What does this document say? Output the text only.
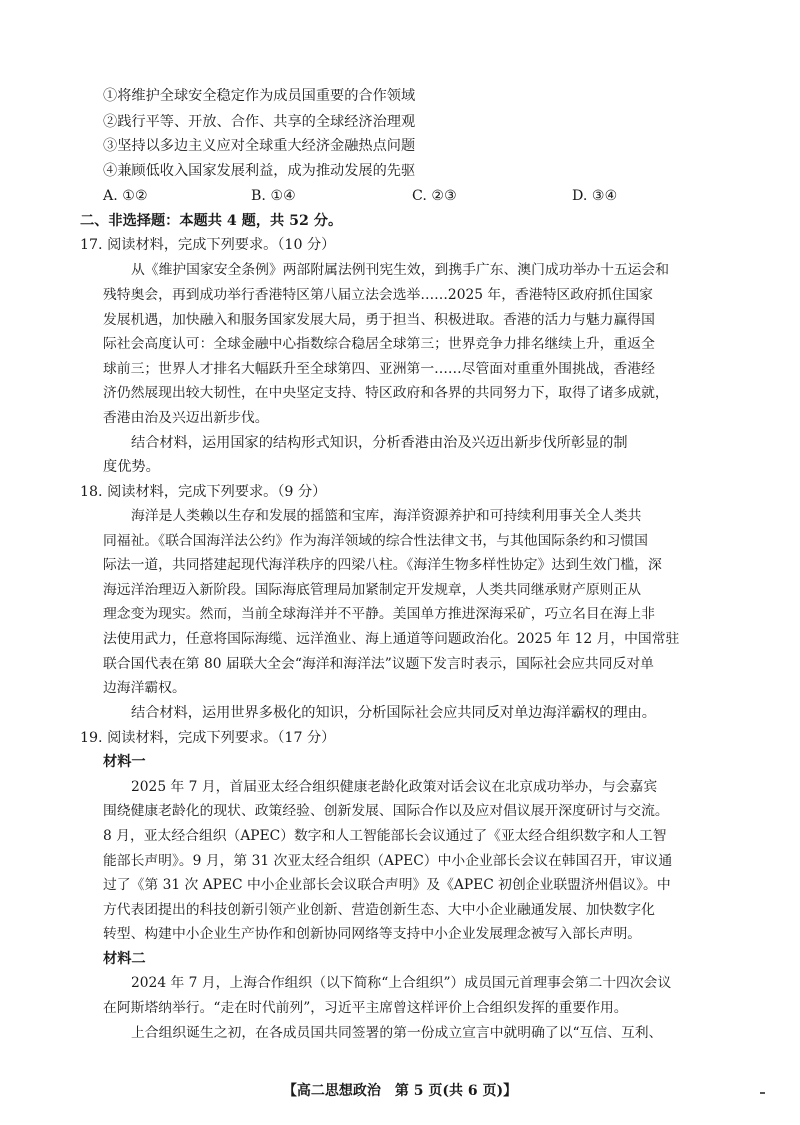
①将维护全球安全稳定作为成员国重要的合作领域
②践行平等、开放、合作、共享的全球经济治理观
③坚持以多边主义应对全球重大经济金融热点问题
④兼顾低收入国家发展利益，成为推动发展的先驱
A. ①②	B. ①④	C. ②③	D. ③④
二、非选择题：本题共 4 题，共 52 分。
17. 阅读材料，完成下列要求。（10 分）
从《维护国家安全条例》两部附属法例刊宪生效，到携手广东、澳门成功举办十五运会和
残特奥会，再到成功举行香港特区第八届立法会选举……2025 年，香港特区政府抓住国家
发展机遇，加快融入和服务国家发展大局，勇于担当、积极进取。香港的活力与魅力赢得国
际社会高度认可：全球金融中心指数综合稳居全球第三；世界竞争力排名继续上升，重返全
球前三；世界人才排名大幅跃升至全球第四、亚洲第一……尽管面对重重外围挑战，香港经
济仍然展现出较大韧性，在中央坚定支持、特区政府和各界的共同努力下，取得了诸多成就，
香港由治及兴迈出新步伐。
结合材料，运用国家的结构形式知识，分析香港由治及兴迈出新步伐所彰显的制
度优势。
18. 阅读材料，完成下列要求。（9 分）
海洋是人类赖以生存和发展的摇篮和宝库，海洋资源养护和可持续利用事关全人类共
同福祉。《联合国海洋法公约》作为海洋领域的综合性法律文书，与其他国际条约和习惯国
际法一道，共同搭建起现代海洋秩序的四梁八柱。《海洋生物多样性协定》达到生效门槛，深
海远洋治理迈入新阶段。国际海底管理局加紧制定开发规章，人类共同继承财产原则正从
理念变为现实。然而，当前全球海洋并不平静。美国单方推进深海采矿，巧立名目在海上非
法使用武力，任意将国际海缆、远洋渔业、海上通道等问题政治化。2025 年 12 月，中国常驻
联合国代表在第 80 届联大全会“海洋和海洋法”议题下发言时表示，国际社会应共同反对单
边海洋霸权。
结合材料，运用世界多极化的知识，分析国际社会应共同反对单边海洋霸权的理由。
19. 阅读材料，完成下列要求。（17 分）
材料一
2025 年 7 月，首届亚太经合组织健康老龄化政策对话会议在北京成功举办，与会嘉宾
围绕健康老龄化的现状、政策经验、创新发展、国际合作以及应对倡议展开深度研讨与交流。
8 月，亚太经合组织（APEC）数字和人工智能部长会议通过了《亚太经合组织数字和人工智
能部长声明》。9 月，第 31 次亚太经合组织（APEC）中小企业部长会议在韩国召开，审议通
过了《第 31 次 APEC 中小企业部长会议联合声明》及《APEC 初创企业联盟济州倡议》。中
方代表团提出的科技创新引领产业创新、营造创新生态、大中小企业融通发展、加快数字化
转型、构建中小企业生产协作和创新协同网络等支持中小企业发展理念被写入部长声明。
材料二
2024 年 7 月，上海合作组织（以下简称“上合组织”）成员国元首理事会第二十四次会议
在阿斯塔纳举行。“走在时代前列”，习近平主席曾这样评价上合组织发挥的重要作用。
上合组织诞生之初，在各成员国共同签署的第一份成立宣言中就明确了以“互信、互利、
【高二思想政治　第 5 页(共 6 页)】
